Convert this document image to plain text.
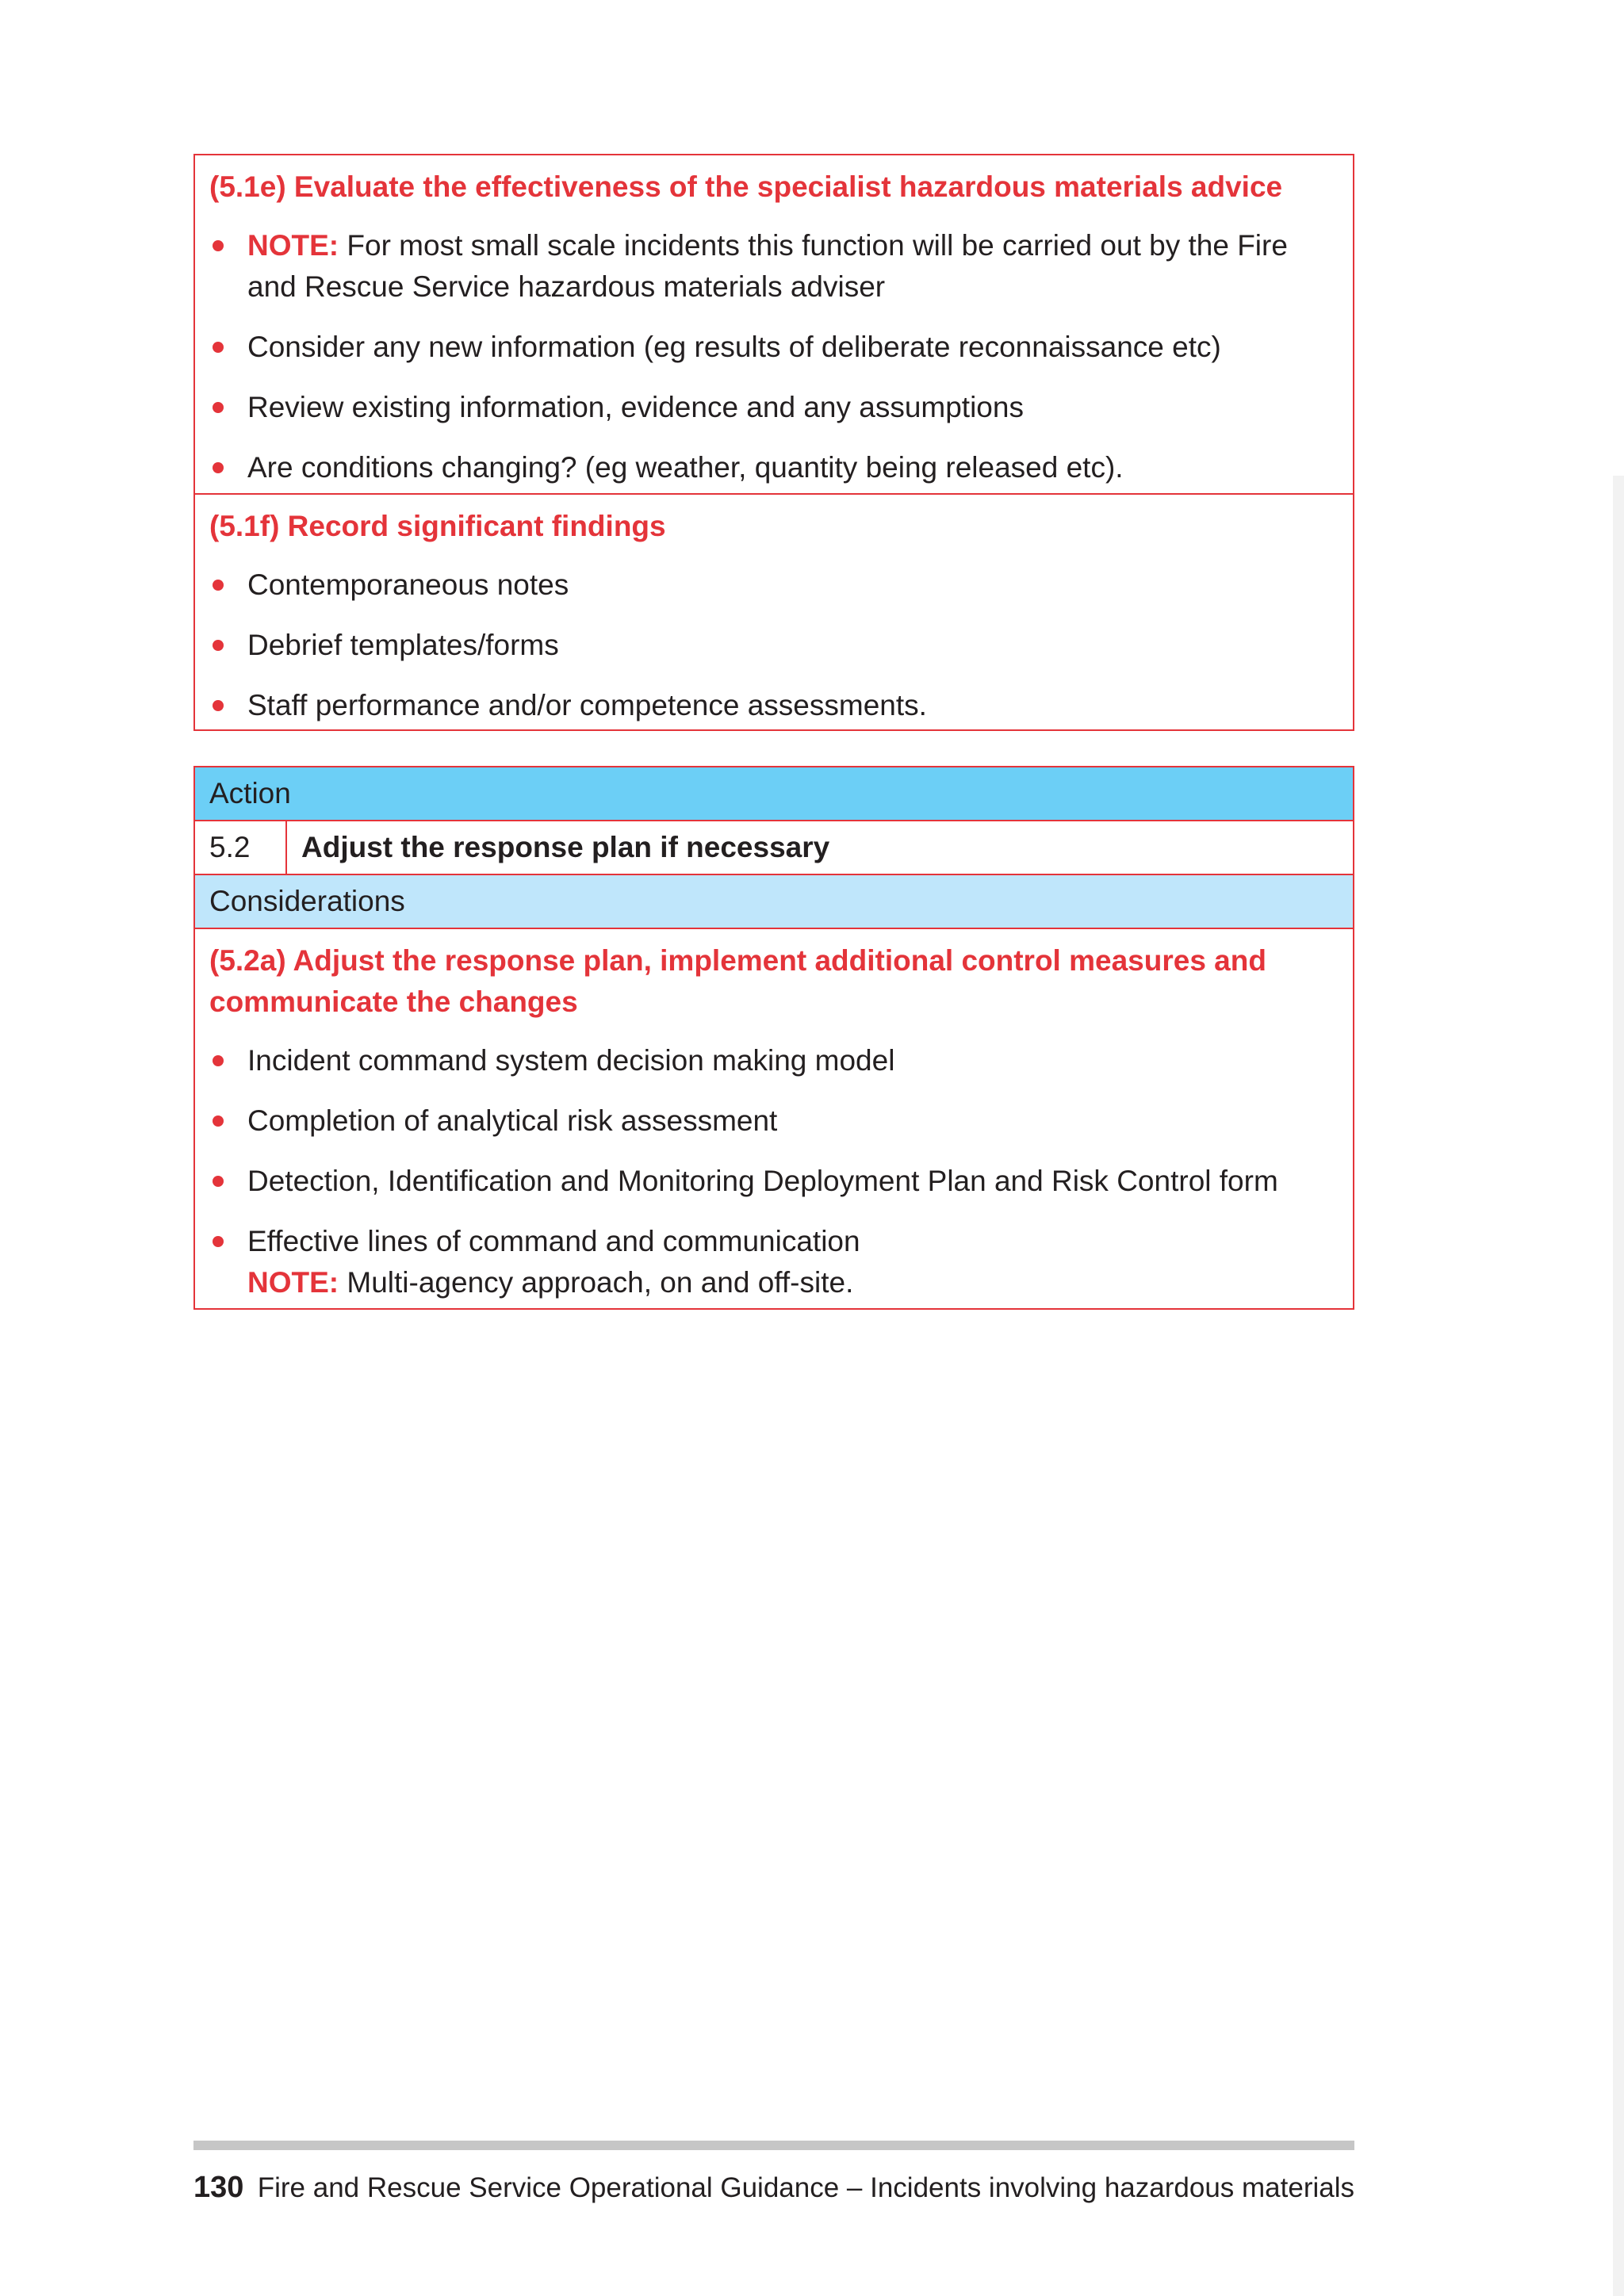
(5.1e) Evaluate the effectiveness of the specialist hazardous materials advice
NOTE: For most small scale incidents this function will be carried out by the Fire and Rescue Service hazardous materials adviser
Consider any new information (eg results of deliberate reconnaissance etc)
Review existing information, evidence and any assumptions
Are conditions changing? (eg weather, quantity being released etc).
(5.1f) Record significant findings
Contemporaneous notes
Debrief templates/forms
Staff performance and/or competence assessments.
Action
5.2	Adjust the response plan if necessary
Considerations
(5.2a) Adjust the response plan, implement additional control measures and communicate the changes
Incident command system decision making model
Completion of analytical risk assessment
Detection, Identification and Monitoring Deployment Plan and Risk Control form
Effective lines of command and communication
NOTE: Multi-agency approach, on and off-site.
130 Fire and Rescue Service Operational Guidance – Incidents involving hazardous materials
